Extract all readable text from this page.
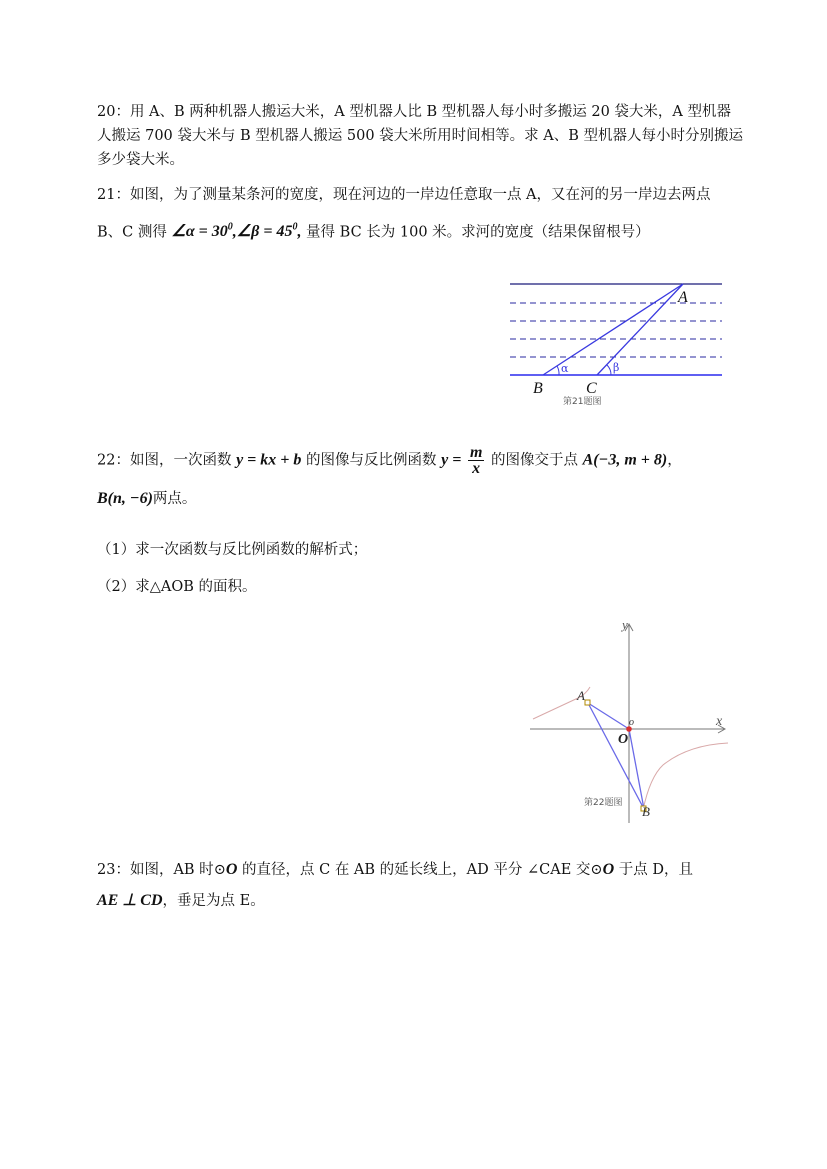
20：用 A、B 两种机器人搬运大米，A 型机器人比 B 型机器人每小时多搬运 20 袋大米，A 型机器
人搬运 700 袋大米与 B 型机器人搬运 500 袋大米所用时间相等。求 A、B 型机器人每小时分别搬运
多少袋大米。
21：如图，为了测量某条河的宽度，现在河边的一岸边任意取一点 A，又在河的另一岸边去两点
B、C 测得 ∠α = $30^0,\angle\beta = 45^0$, 量得 BC 长为 100 米。求河的宽度（结果保留根号）
A
B	C
α	β
第21题图
22：如图，一次函数 y = kx + b 的图像与反比例函数 $y = \frac{m}{x}$ 的图像交于点 A(−3, m + 8)，
B(n, −6)两点。
（1）求一次函数与反比例函数的解析式；
（2）求△AOB 的面积。
x
y
A
B
o
O
第22题图
23：如图，AB 时⊙O 的直径，点 C 在 AB 的延长线上，AD 平分 ∠CAE 交⊙O 于点 D，且
AE ⊥ CD，垂足为点 E。
